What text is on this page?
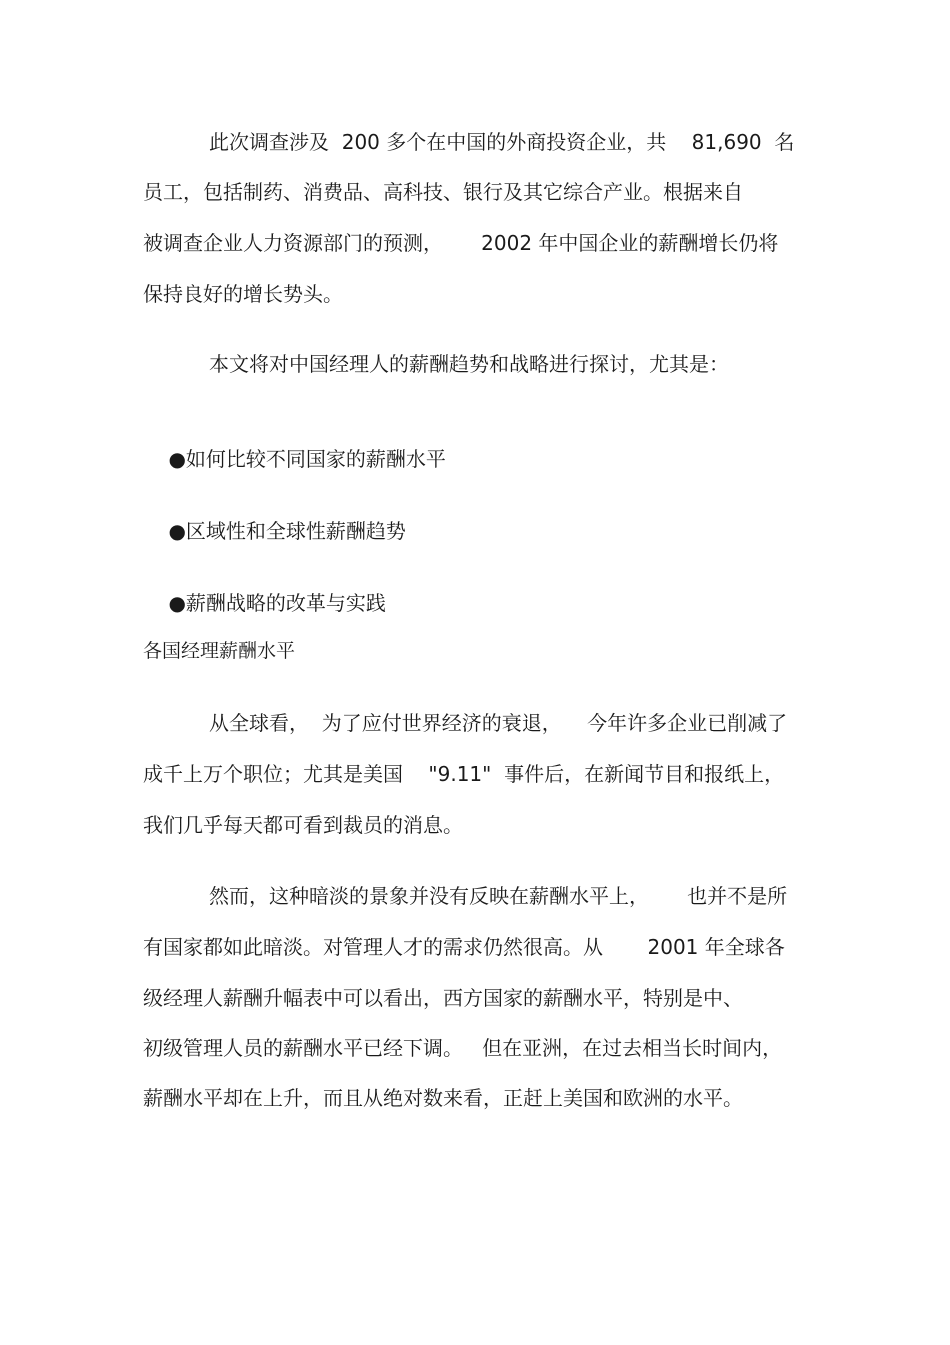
此次调查涉及  200 多个在中国的外商投资企业，共    81,690  名
员工，包括制药、消费品、高科技、银行及其它综合产业。根据来自
被调查企业人力资源部门的预测，      2002 年中国企业的薪酬增长仍将
保持良好的增长势头。
本文将对中国经理人的薪酬趋势和战略进行探讨，尤其是：

●如何比较不同国家的薪酬水平

●区域性和全球性薪酬趋势

●薪酬战略的改革与实践

各国经理薪酬水平
从全球看，  为了应付世界经济的衰退，    今年许多企业已削减了
成千上万个职位；尤其是美国    "9.11"  事件后，在新闻节目和报纸上，
我们几乎每天都可看到裁员的消息。
然而，这种暗淡的景象并没有反映在薪酬水平上，      也并不是所
有国家都如此暗淡。对管理人才的需求仍然很高。从       2001 年全球各
级经理人薪酬升幅表中可以看出，西方国家的薪酬水平，特别是中、
初级管理人员的薪酬水平已经下调。   但在亚洲，在过去相当长时间内，
薪酬水平却在上升，而且从绝对数来看，正赶上美国和欧洲的水平。
